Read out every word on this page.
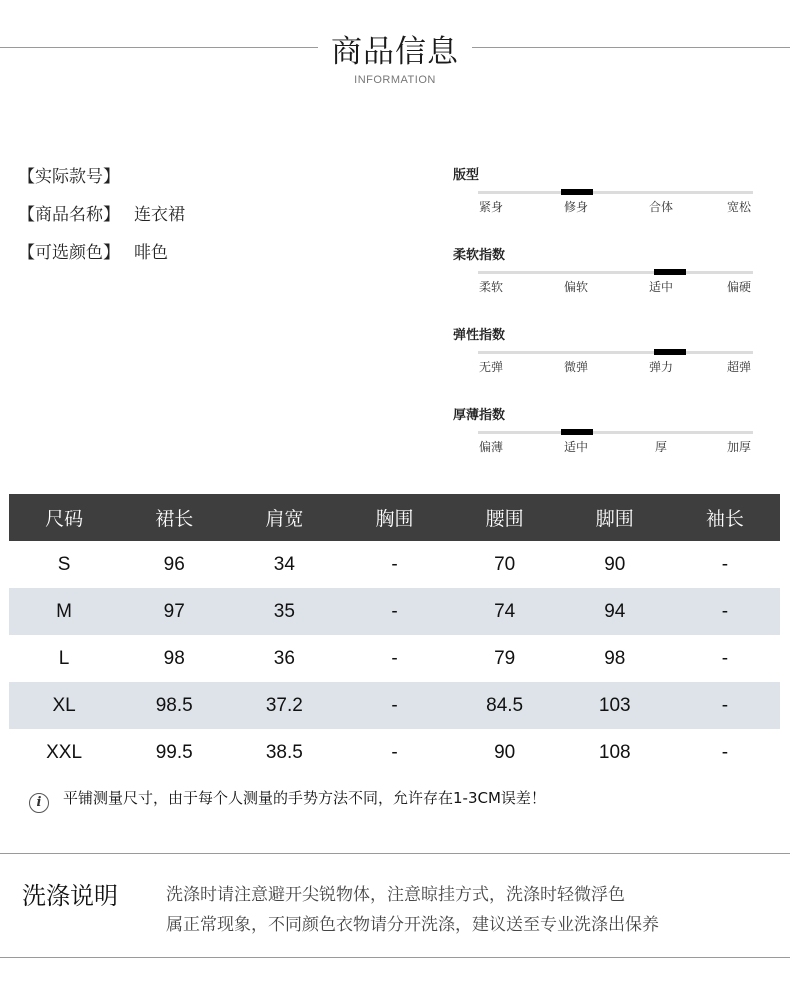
商品信息
INFORMATION
【实际款号】
【商品名称】 连衣裙
【可选颜色】 啡色
版型
紧身	修身	合体	宽松
柔软指数
柔软	偏软	适中	偏硬
弹性指数
无弹	微弹	弹力	超弹
厚薄指数
偏薄	适中	厚	加厚
尺码	裙长	肩宽	胸围	腰围	脚围	袖长
S	96	34	-	70	90	-
M	97	35	-	74	94	-
L	98	36	-	79	98	-
XL	98.5	37.2	-	84.5	103	-
XXL	99.5	38.5	-	90	108	-
i 平铺测量尺寸，由于每个人测量的手势方法不同，允许存在1-3CM误差！
洗涤说明	洗涤时请注意避开尖锐物体，注意晾挂方式，洗涤时轻微浮色
属正常现象，不同颜色衣物请分开洗涤，建议送至专业洗涤出保养
